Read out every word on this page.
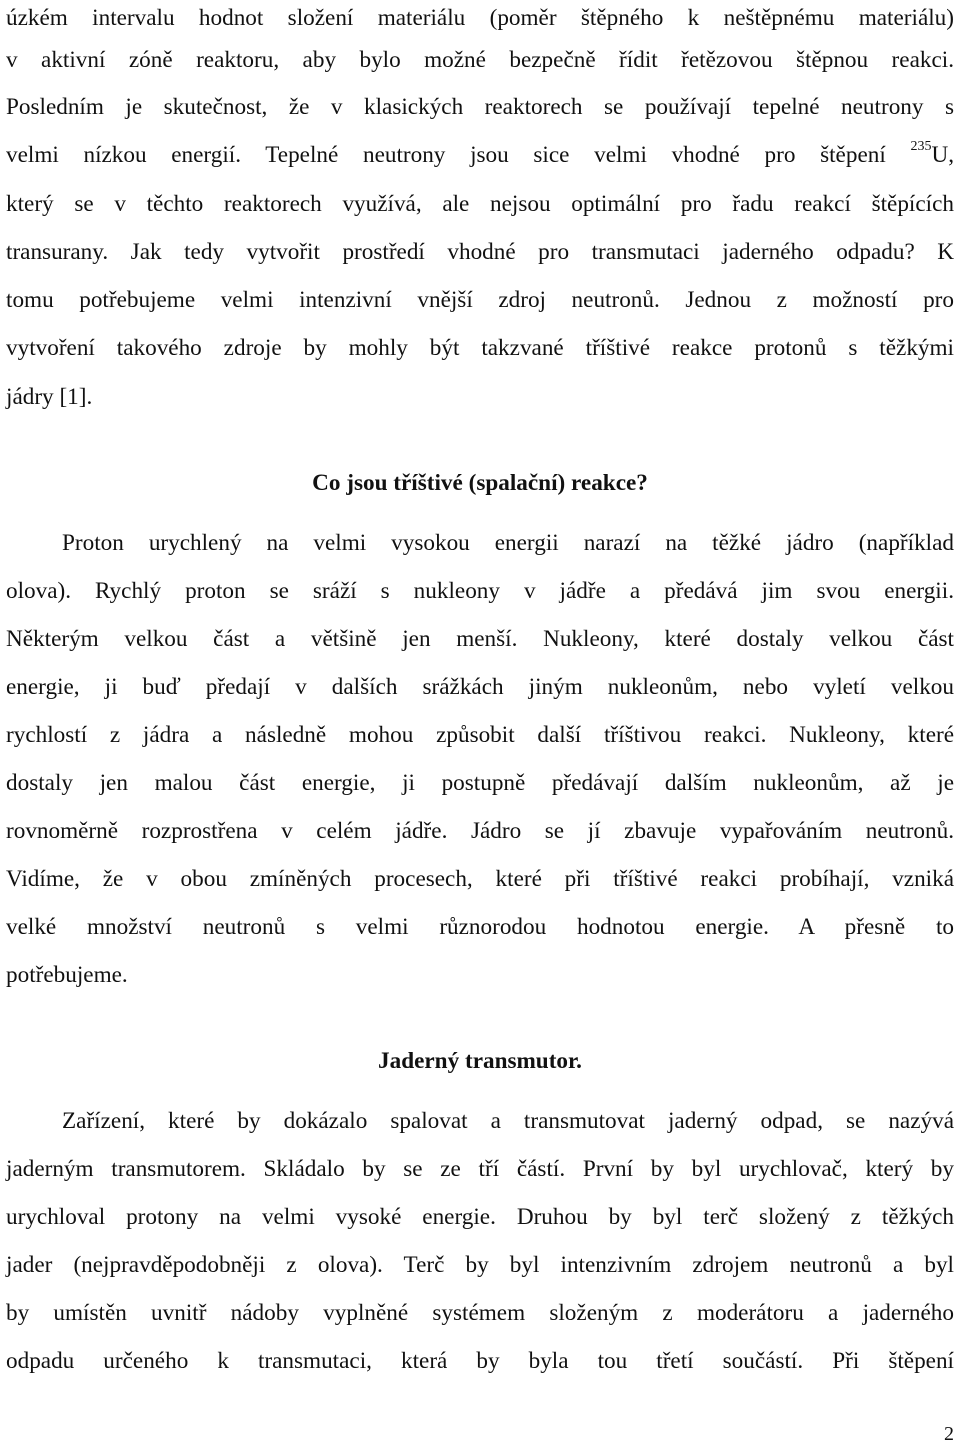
úzkém intervalu hodnot složení materiálu (poměr štěpného k neštěpnému materiálu)
v aktivní zóně reaktoru, aby bylo možné bezpečně řídit řetězovou štěpnou reakci.
Posledním je skutečnost, že v klasických reaktorech se používají tepelné neutrony s
velmi nízkou energií. Tepelné neutrony jsou sice velmi vhodné pro štěpení $^{235}$U,
který se v těchto reaktorech využívá, ale nejsou optimální pro řadu reakcí štěpících
transurany. Jak tedy vytvořit prostředí vhodné pro transmutaci jaderného odpadu? K
tomu potřebujeme velmi intenzivní vnější zdroj neutronů. Jednou z možností pro
vytvoření takového zdroje by mohly být takzvané tříštivé reakce protonů s těžkými
jádry [1].
Co jsou tříštivé (spalační) reakce?
Proton urychlený na velmi vysokou energii narazí na těžké jádro (například
olova). Rychlý proton se sráží s nukleony v jádře a předává jim svou energii.
Některým velkou část a většině jen menší. Nukleony, které dostaly velkou část
energie, ji buď předají v dalších srážkách jiným nukleonům, nebo vyletí velkou
rychlostí z jádra a následně mohou způsobit další tříštivou reakci. Nukleony, které
dostaly jen malou část energie, ji postupně předávají dalším nukleonům, až je
rovnoměrně rozprostřena v celém jádře. Jádro se jí zbavuje vypařováním neutronů.
Vidíme, že v obou zmíněných procesech, které při tříštivé reakci probíhají, vzniká
velké množství neutronů s velmi různorodou hodnotou energie. A přesně to
potřebujeme.
Jaderný transmutor.
Zařízení, které by dokázalo spalovat a transmutovat jaderný odpad, se nazývá
jaderným transmutorem. Skládalo by se ze tří částí. První by byl urychlovač, který by
urychloval protony na velmi vysoké energie. Druhou by byl terč složený z těžkých
jader (nejpravděpodobněji z olova). Terč by byl intenzivním zdrojem neutronů a byl
by umístěn uvnitř nádoby vyplněné systémem složeným z moderátoru a jaderného
odpadu určeného k transmutaci, která by byla tou třetí součástí. Při štěpení
2
